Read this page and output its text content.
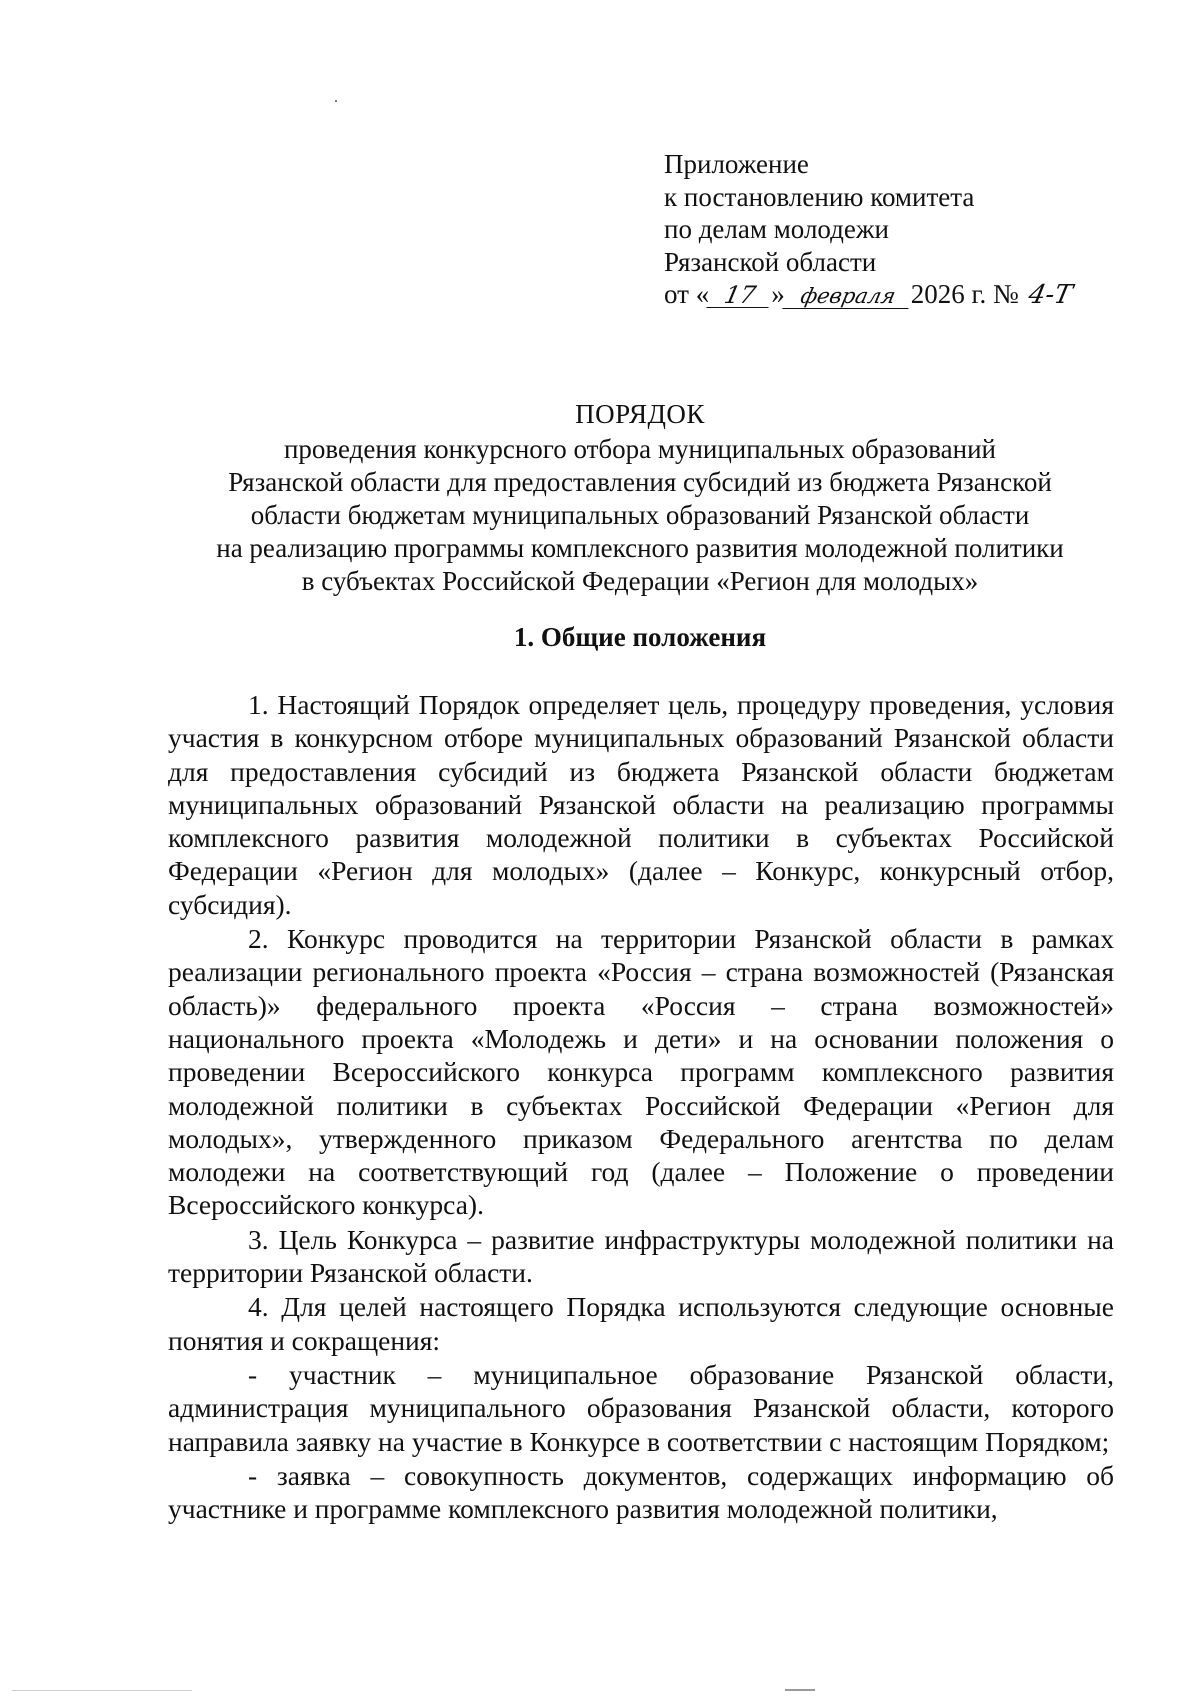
Приложение
к постановлению комитета
по делам молодежи
Рязанской области
от « 17 » февраля 2026 г. № 4-Т
ПОРЯДОК
проведения конкурсного отбора муниципальных образований
Рязанской области для предоставления субсидий из бюджета Рязанской
области бюджетам муниципальных образований Рязанской области
на реализацию программы комплексного развития молодежной политики
в субъектах Российской Федерации «Регион для молодых»
1. Общие положения

1. Настоящий Порядок определяет цель, процедуру проведения, условия участия в конкурсном отборе муниципальных образований Рязанской области для предоставления субсидий из бюджета Рязанской области бюджетам муниципальных образований Рязанской области на реализацию программы комплексного развития молодежной политики в субъектах Российской Федерации «Регион для молодых» (далее – Конкурс, конкурсный отбор, субсидия).

2. Конкурс проводится на территории Рязанской области в рамках реализации регионального проекта «Россия – страна возможностей (Рязанская область)» федерального проекта «Россия – страна возможностей» национального проекта «Молодежь и дети» и на основании положения о проведении Всероссийского конкурса программ комплексного развития молодежной политики в субъектах Российской Федерации «Регион для молодых», утвержденного приказом Федерального агентства по делам молодежи на соответствующий год (далее – Положение о проведении Всероссийского конкурса).

3. Цель Конкурса – развитие инфраструктуры молодежной политики на территории Рязанской области.

4. Для целей настоящего Порядка используются следующие основные понятия и сокращения:

- участник – муниципальное образование Рязанской области, администрация муниципального образования Рязанской области, которого направила заявку на участие в Конкурсе в соответствии с настоящим Порядком;

- заявка – совокупность документов, содержащих информацию об участнике и программе комплексного развития молодежной политики,
